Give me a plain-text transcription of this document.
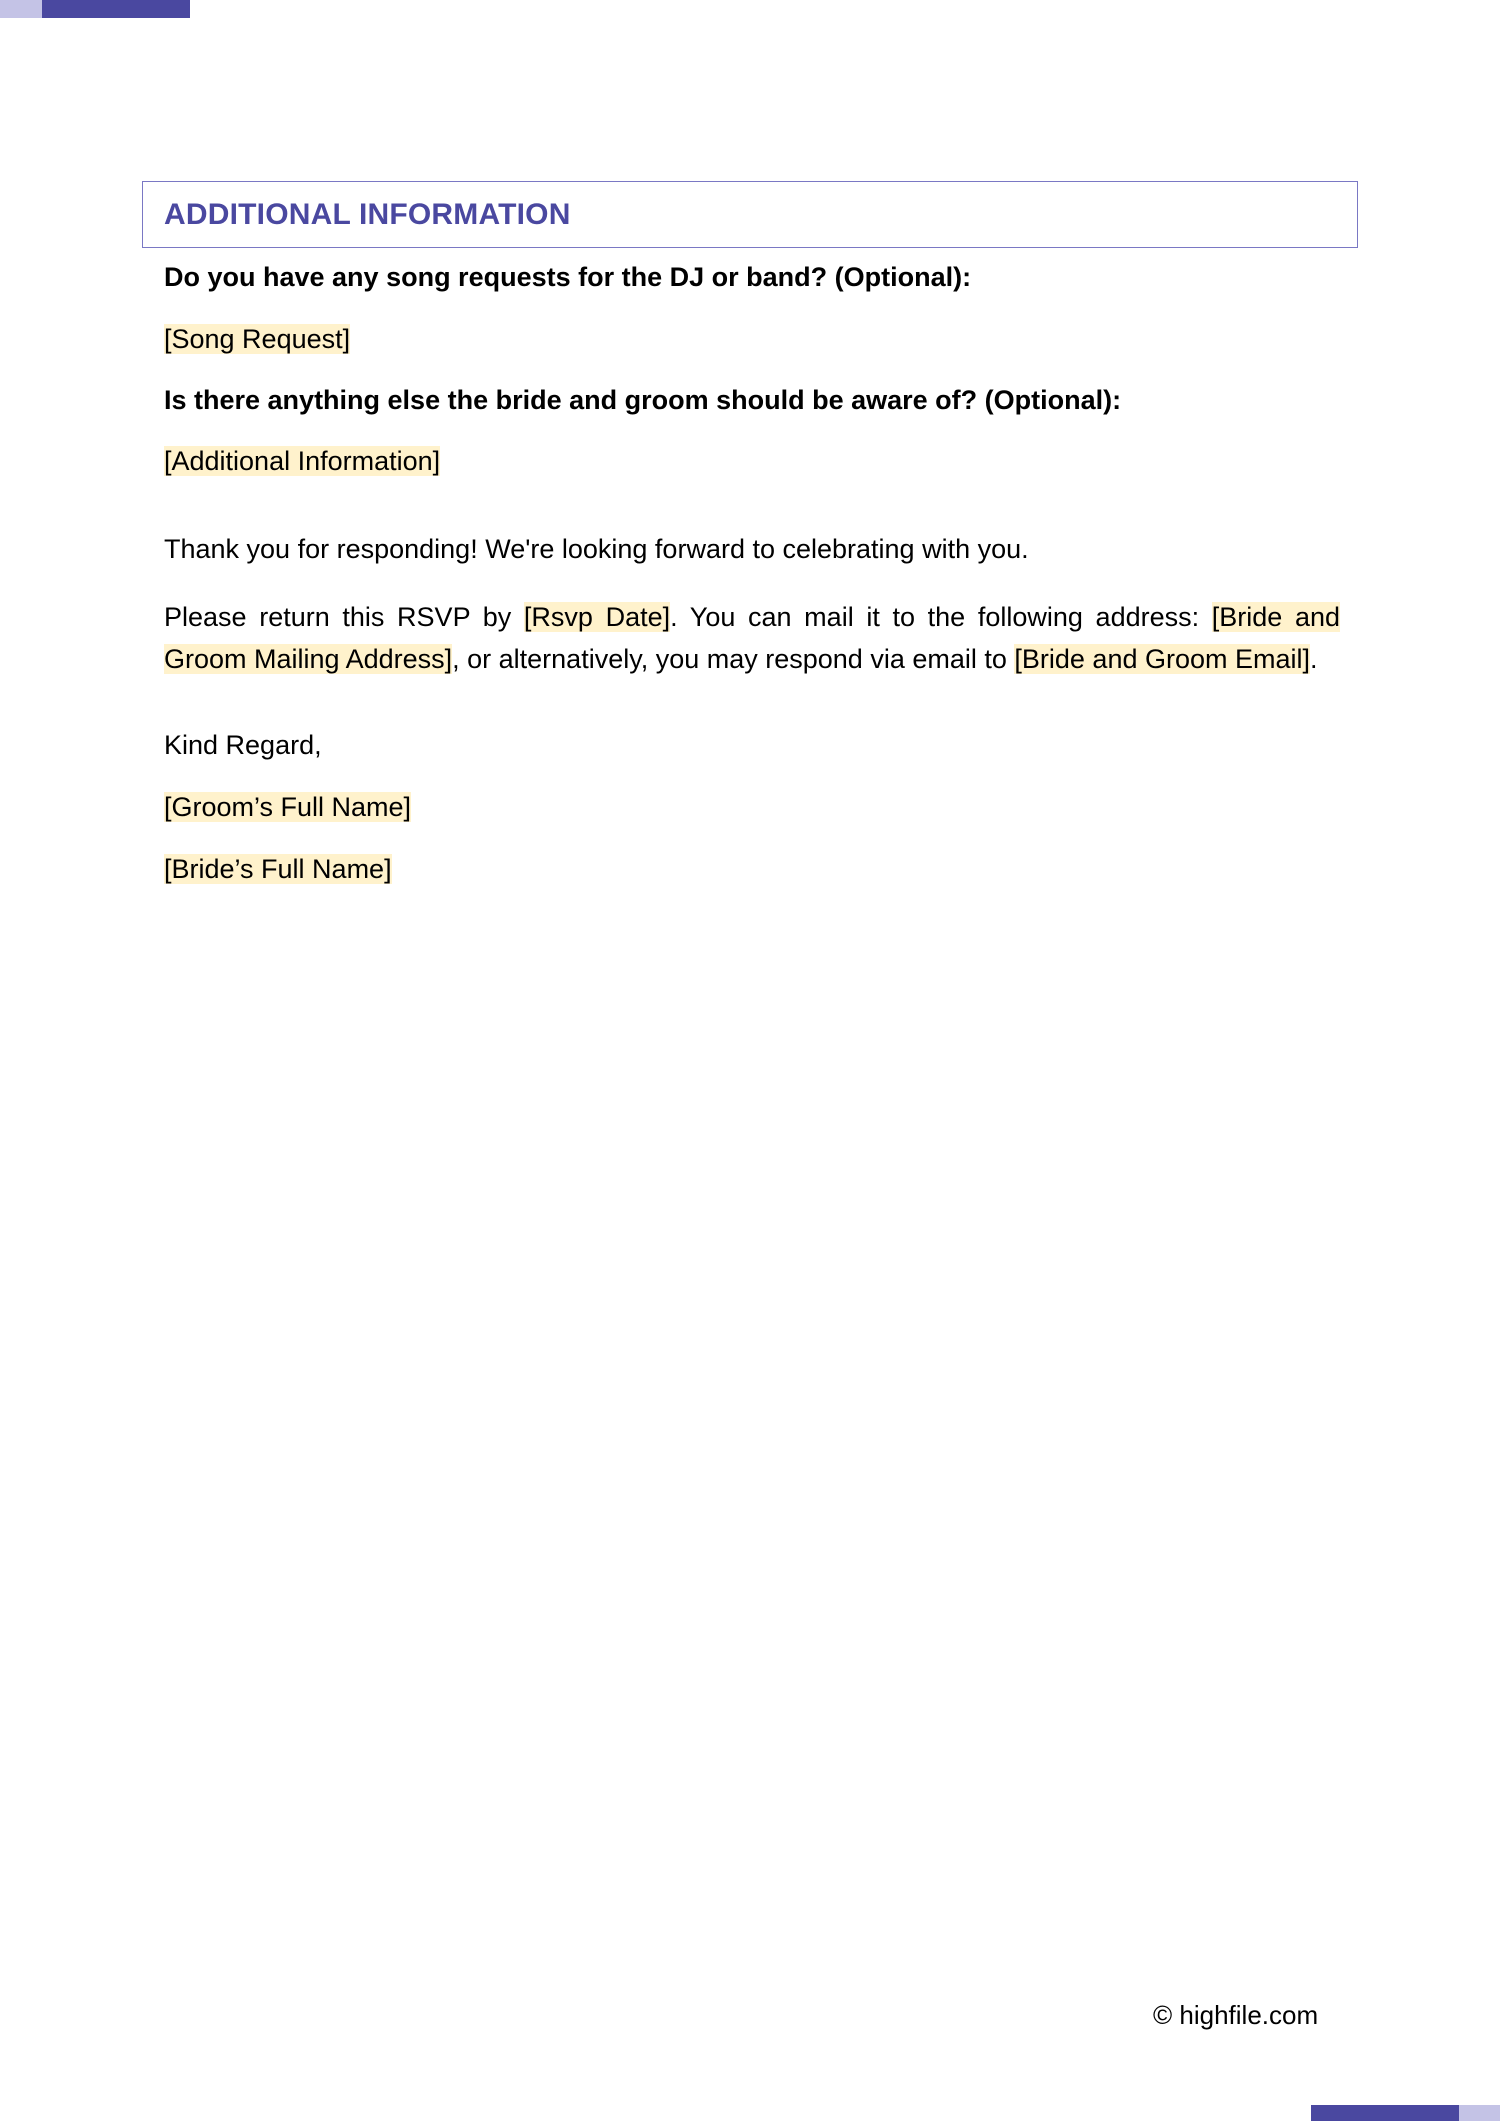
ADDITIONAL INFORMATION
Do you have any song requests for the DJ or band? (Optional):
[Song Request]
Is there anything else the bride and groom should be aware of? (Optional):
[Additional Information]
Thank you for responding! We're looking forward to celebrating with you.
Please return this RSVP by [Rsvp Date]. You can mail it to the following address: [Bride and Groom Mailing Address], or alternatively, you may respond via email to [Bride and Groom Email].
Kind Regard,
[Groom’s Full Name]
[Bride’s Full Name]
© highfile.com
